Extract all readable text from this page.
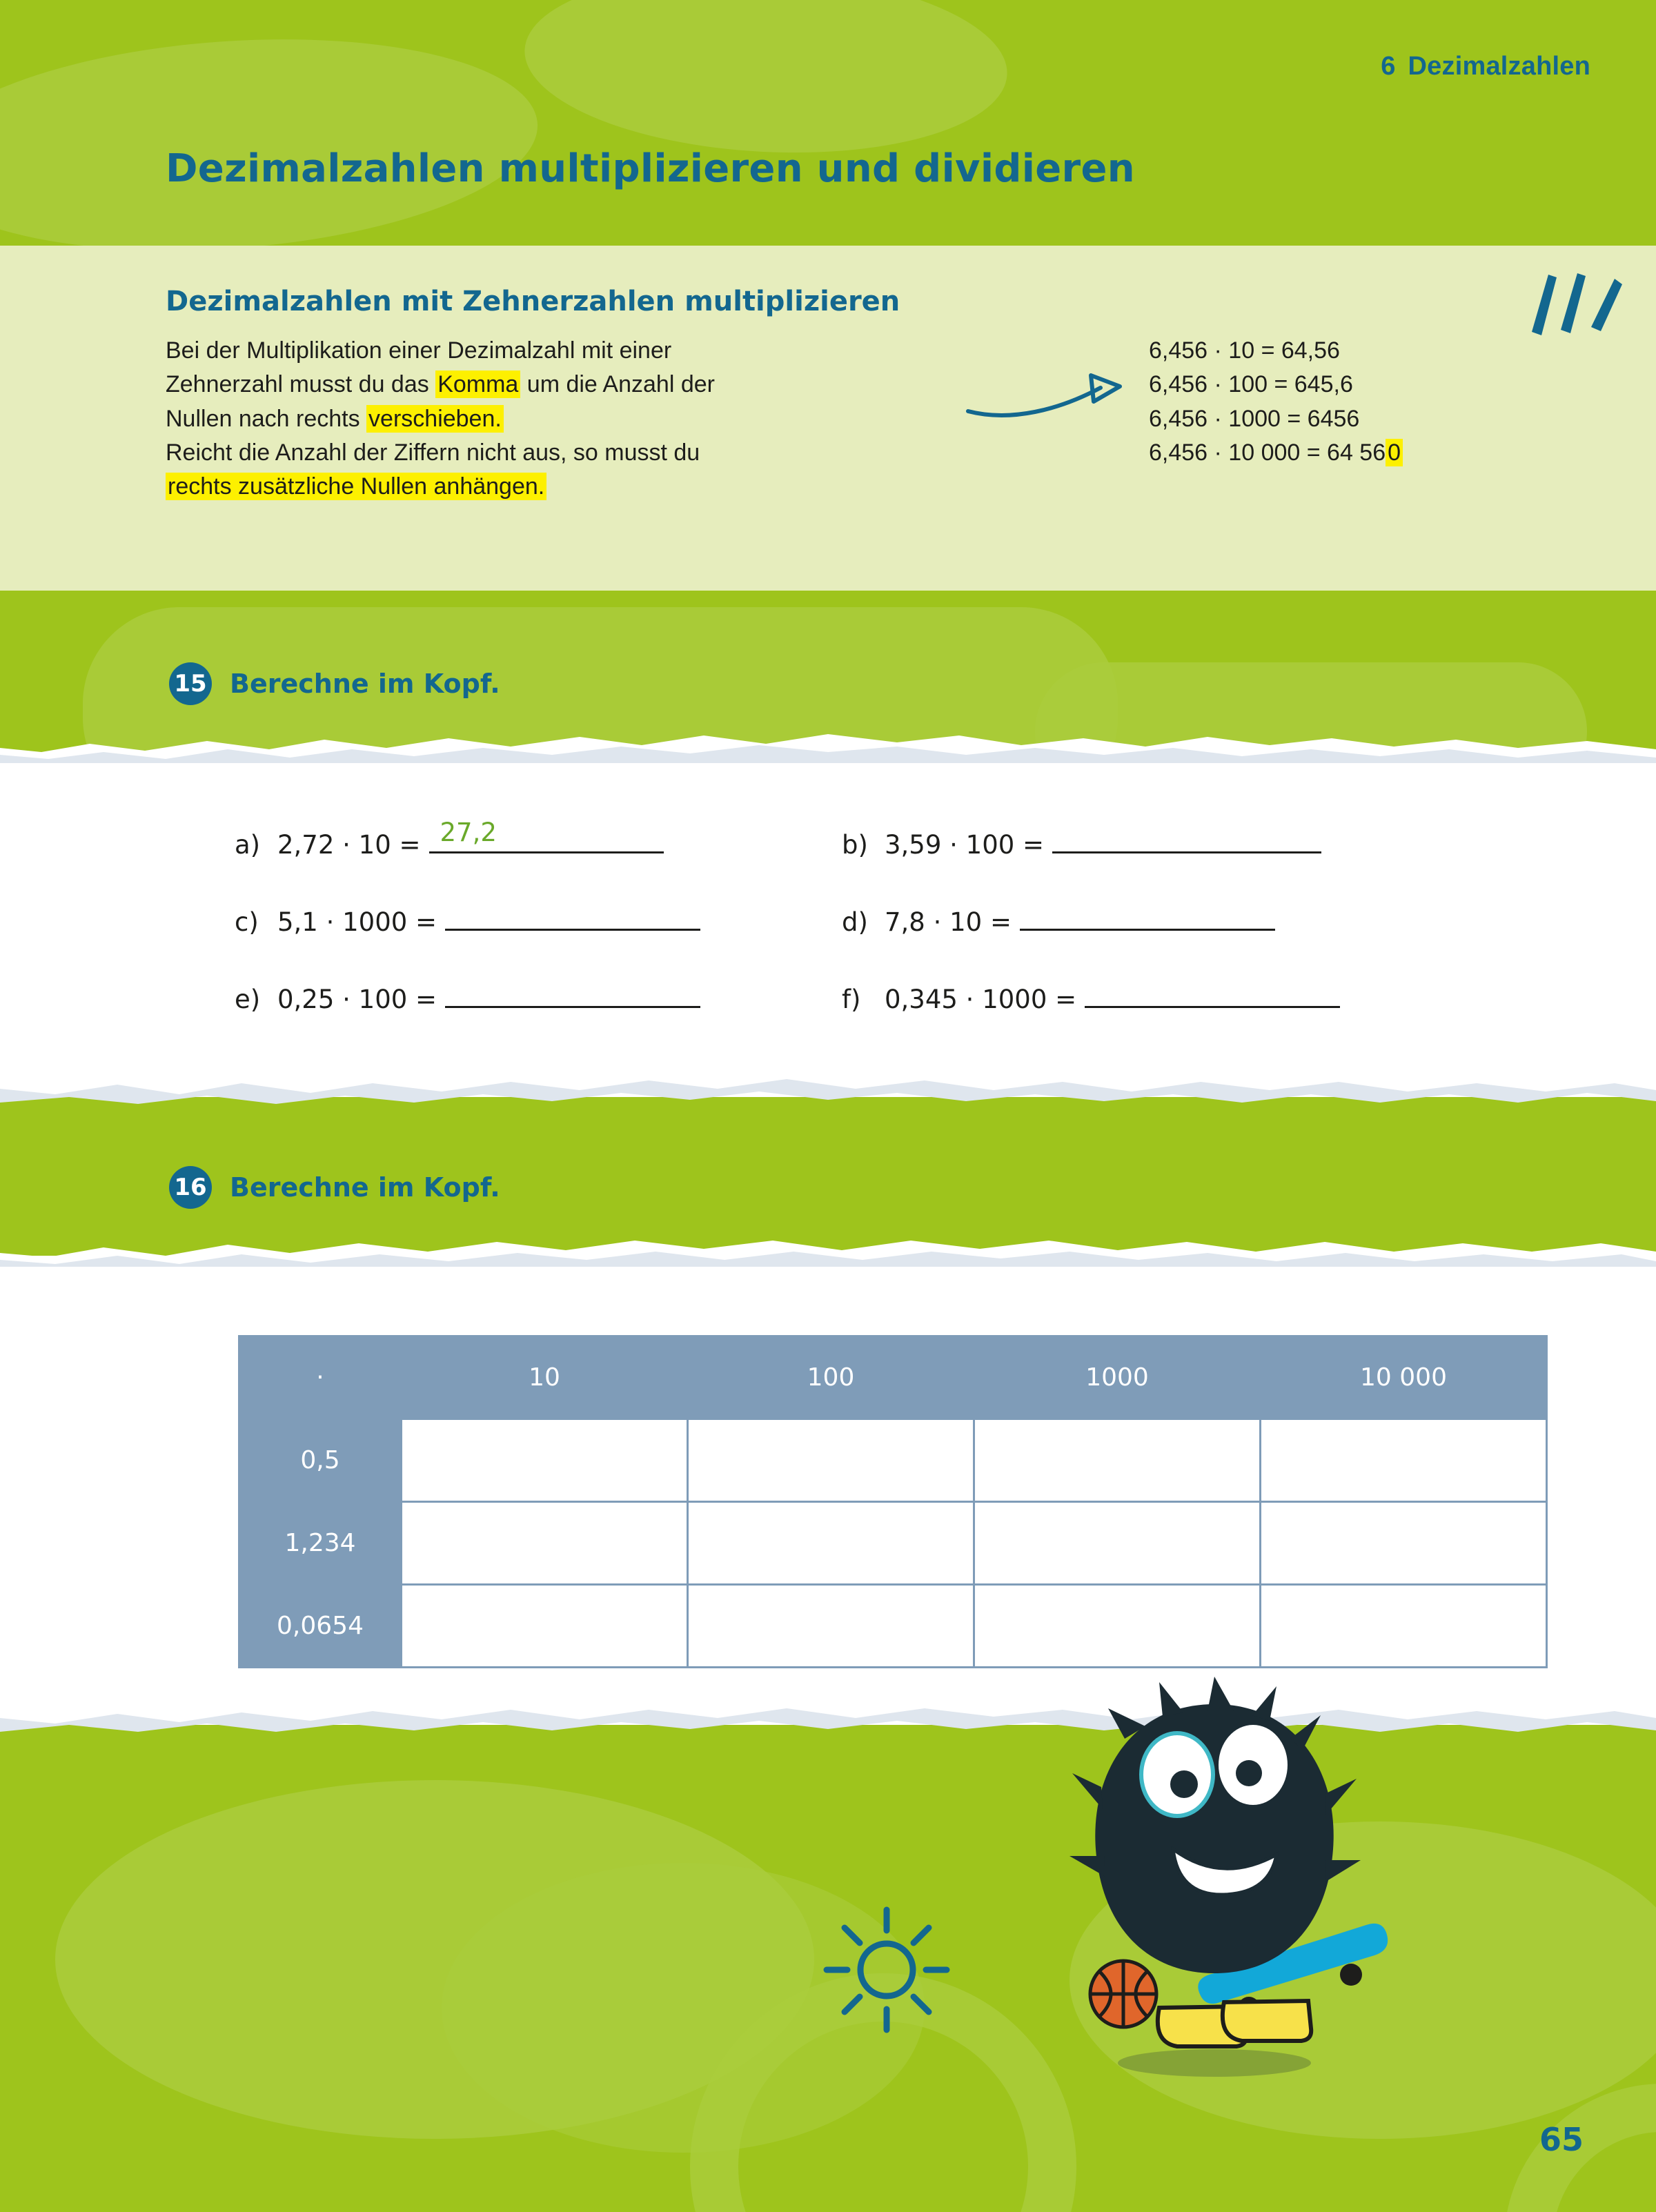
6 Dezimalzahlen
Dezimalzahlen multiplizieren und dividieren
Dezimalzahlen mit Zehnerzahlen multiplizieren
Bei der Multiplikation einer Dezimalzahl mit einer
Zehnerzahl musst du das Komma um die Anzahl der
Nullen nach rechts verschieben.
Reicht die Anzahl der Ziffern nicht aus, so musst du
rechts zusätzliche Nullen anhängen.
6,456 · 10 = 64,56
6,456 · 100 = 645,6
6,456 · 1000 = 6456
6,456 · 10 000 = 64 560
15 Berechne im Kopf.
a) 2,72 · 10 = 27,2	b) 3,59 · 100 =
c) 5,1 · 1000 =	d) 7,8 · 10 =
e) 0,25 · 100 =	f) 0,345 · 1000 =
16 Berechne im Kopf.
·	10	100	1000	10 000
0,5				
1,234				
0,0654				
65
